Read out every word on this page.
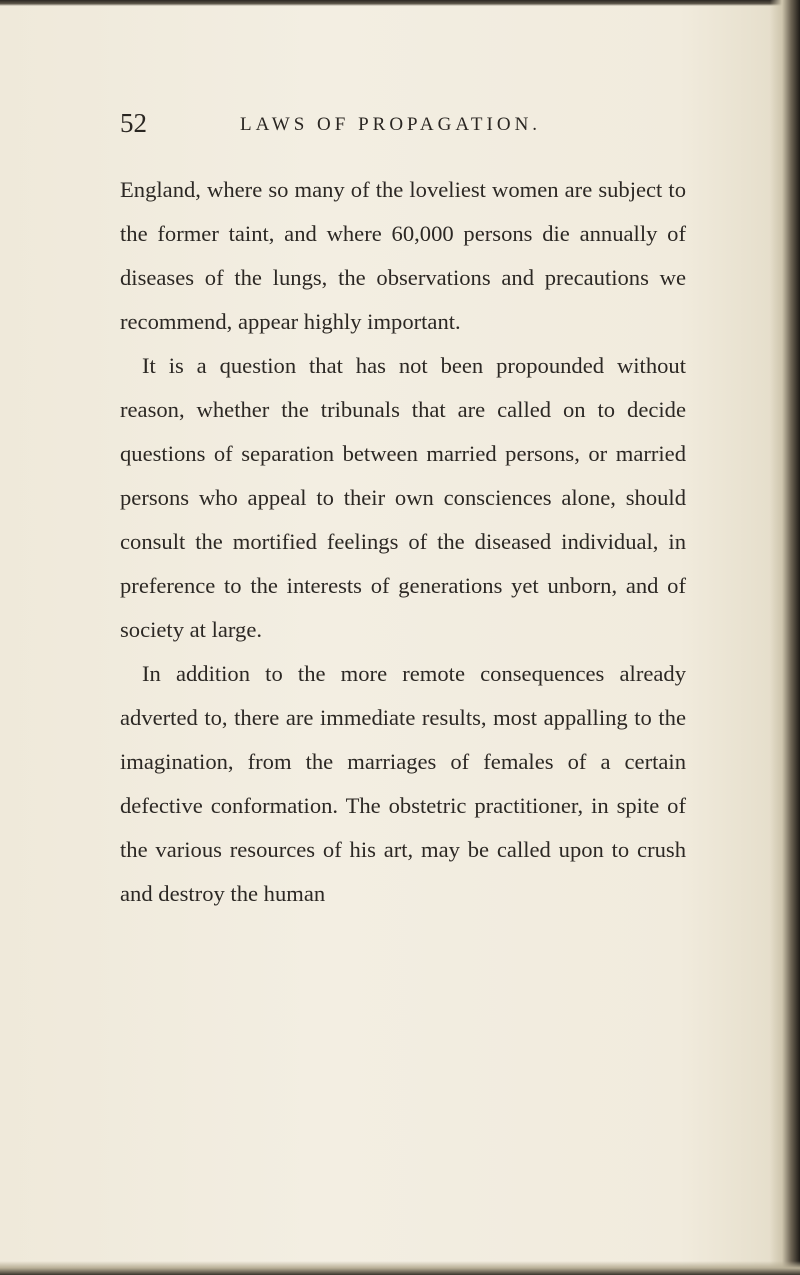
52	LAWS OF PROPAGATION.

England, where so many of the loveliest women are subject to the former taint, and where 60,000 persons die annually of diseases of the lungs, the observations and precautions we recommend, appear highly important.

It is a question that has not been propounded without reason, whether the tribunals that are called on to decide questions of separation between married persons, or married persons who appeal to their own consciences alone, should consult the mortified feelings of the diseased individual, in preference to the interests of generations yet unborn, and of society at large.

In addition to the more remote consequences already adverted to, there are immediate results, most appalling to the imagination, from the marriages of females of a certain defective conformation. The obstetric practitioner, in spite of the various resources of his art, may be called upon to crush and destroy the human
